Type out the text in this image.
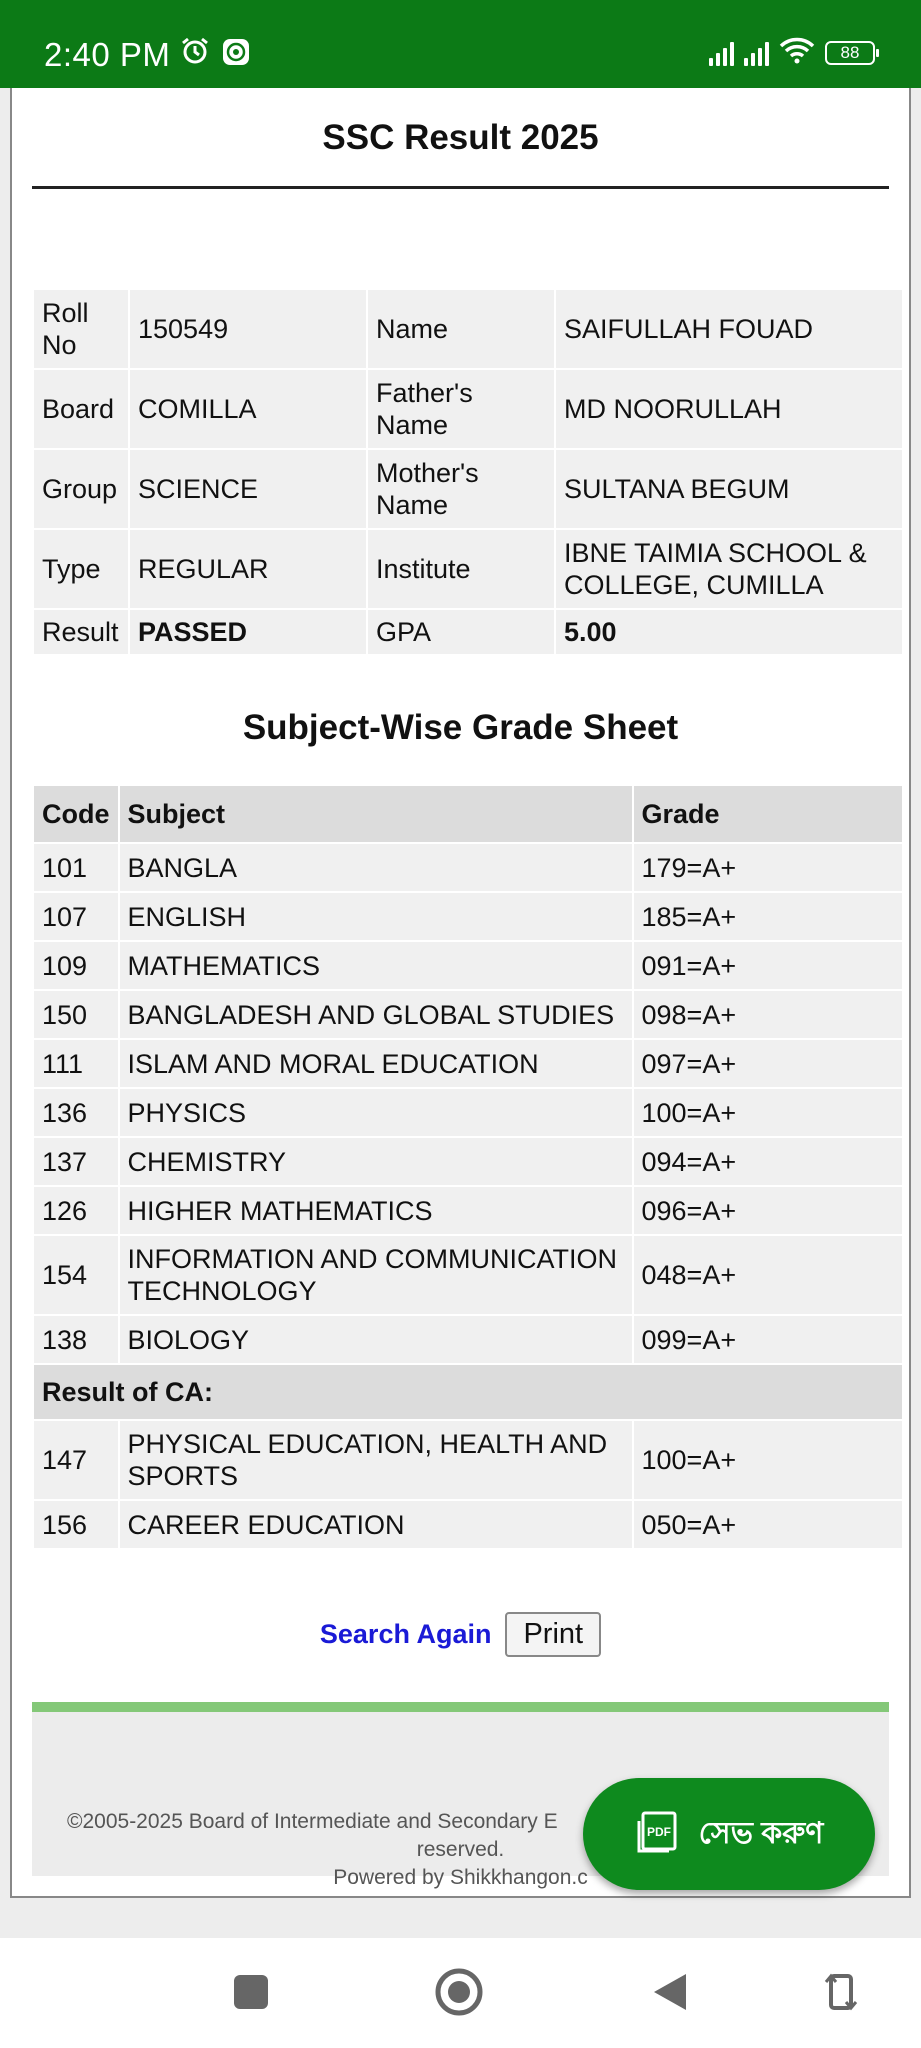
2:40 PM	88
SSC Result 2025
Roll No	150549	Name	SAIFULLAH FOUAD
Board	COMILLA	Father's Name	MD NOORULLAH
Group	SCIENCE	Mother's Name	SULTANA BEGUM
Type	REGULAR	Institute	IBNE TAIMIA SCHOOL & COLLEGE, CUMILLA
Result	PASSED	GPA	5.00
Subject-Wise Grade Sheet
Code	Subject	Grade
101	BANGLA	179=A+
107	ENGLISH	185=A+
109	MATHEMATICS	091=A+
150	BANGLADESH AND GLOBAL STUDIES	098=A+
111	ISLAM AND MORAL EDUCATION	097=A+
136	PHYSICS	100=A+
137	CHEMISTRY	094=A+
126	HIGHER MATHEMATICS	096=A+
154	INFORMATION AND COMMUNICATION TECHNOLOGY	048=A+
138	BIOLOGY	099=A+
Result of CA:		
147	PHYSICAL EDUCATION, HEALTH AND SPORTS	100=A+
156	CAREER EDUCATION	050=A+
Search Again	Print
©2005-2025 Board of Intermediate and Secondary E
reserved.
Powered by Shikkhangon.c
PDF সেভ করুণ
